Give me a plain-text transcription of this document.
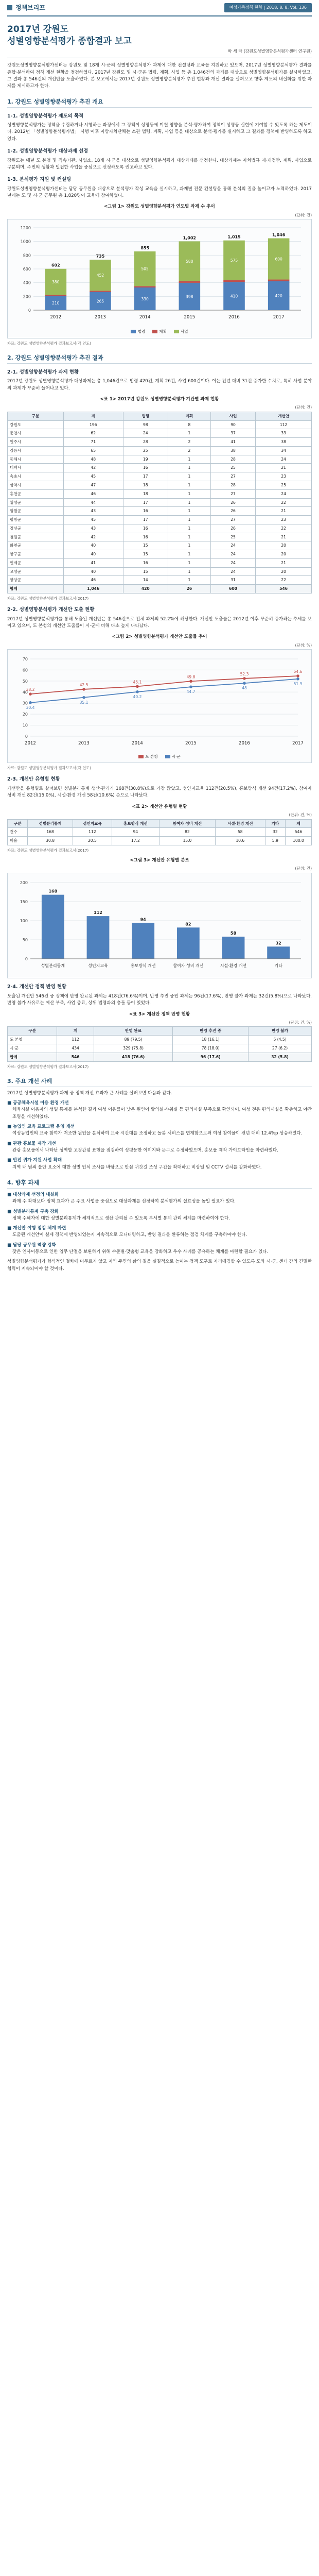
정책브리프	여성가족정책 현황 | 2018. 8. 8. Vol. 136
2017년 강원도
성별영향분석평가 종합결과 보고
박 세 라 (강원도성별영향분석평가센터 연구원)

강원도성별영향분석평가센터는 강원도 및 18개 시·군의 성별영향분석평가 과제에 대한 컨설팅과 교육을 지원하고 있으며, 2017년 성별영향분석평가 결과를 종합·분석하여 정책 개선 현황을 점검하였다. 2017년 강원도 및 시·군은 법령, 계획, 사업 등 총 1,046건의 과제를 대상으로 성별영향분석평가를 실시하였고, 그 결과 총 546건의 개선안을 도출하였다. 본 보고에서는 2017년 강원도 성별영향분석평가 추진 현황과 개선 결과를 살펴보고 향후 제도의 내실화를 위한 과제를 제시하고자 한다.

1. 강원도 성별영향분석평가 추진 개요
1-1. 성별영향분석평가 제도의 목적

성별영향분석평가는 정책을 수립하거나 시행하는 과정에서 그 정책이 성평등에 미칠 영향을 분석·평가하여 정책이 성평등 실현에 기여할 수 있도록 하는 제도이다. 2012년 「성별영향분석평가법」 시행 이후 지방자치단체는 소관 법령, 계획, 사업 등을 대상으로 분석·평가를 실시하고 그 결과를 정책에 반영하도록 하고 있다.

1-2. 성별영향분석평가 대상과제 선정

강원도는 매년 도 본청 및 직속기관, 사업소, 18개 시·군을 대상으로 성별영향분석평가 대상과제를 선정한다. 대상과제는 자치법규 제·개정안, 계획, 사업으로 구분되며, 주민의 생활과 밀접한 사업을 중심으로 선정하도록 권고하고 있다.

1-3. 분석평가 지원 및 컨설팅

강원도성별영향분석평가센터는 담당 공무원을 대상으로 분석평가 작성 교육을 실시하고, 과제별 전문 컨설팅을 통해 분석의 질을 높이고자 노력하였다. 2017년에는 도 및 시·군 공무원 총 1,820명이 교육에 참여하였다.

<그림 1> 강원도 성별영향분석평가 연도별 과제 수 추이
(단위: 건)
0
200
400
600
800
1000
1200
210
380
602
2012
265
452
735
2013
330
505
855
2014
398
580
1,002
2015
410
575
1,015
2016
420
600
1,046
2017
법령	계획	사업
자료: 강원도 성별영향분석평가 결과보고서(각 연도)
2. 강원도 성별영향분석평가 추진 결과
2-1. 성별영향분석평가 과제 현황

2017년 강원도 성별영향분석평가 대상과제는 총 1,046건으로 법령 420건, 계획 26건, 사업 600건이다. 이는 전년 대비 31건 증가한 수치로, 특히 사업 분야의 과제가 꾸준히 늘어나고 있다.

<표 1> 2017년 강원도 성별영향분석평가 기관별 과제 현황
(단위: 건)
구분	계	법령	계획	사업	개선안
강원도	196	98	8	90	112
춘천시	62	24	1	37	33
원주시	71	28	2	41	38
강릉시	65	25	2	38	34
동해시	48	19	1	28	24
태백시	42	16	1	25	21
속초시	45	17	1	27	23
삼척시	47	18	1	28	25
홍천군	46	18	1	27	24
횡성군	44	17	1	26	22
영월군	43	16	1	26	21
평창군	45	17	1	27	23
정선군	43	16	1	26	22
철원군	42	16	1	25	21
화천군	40	15	1	24	20
양구군	40	15	1	24	20
인제군	41	16	1	24	21
고성군	40	15	1	24	20
양양군	46	14	1	31	22
합계	1,046	420	26	600	546
자료: 강원도 성별영향분석평가 결과보고서(2017)
2-2. 성별영향분석평가 개선안 도출 현황

2017년 성별영향분석평가를 통해 도출된 개선안은 총 546건으로 전체 과제의 52.2%에 해당한다. 개선안 도출률은 2012년 이후 꾸준히 증가하는 추세를 보이고 있으며, 도 본청의 개선안 도출률이 시·군에 비해 다소 높게 나타났다.

<그림 2> 성별영향분석평가 개선안 도출률 추이
(단위: %)
0
10
20
30
40
50
60
70
2012	2013	2014	2015	2016	2017
38.2
42.5
45.1
49.8
52.3
54.6
30.4
35.1
40.2
44.7
48
51.9
도 본청	시·군
자료: 강원도 성별영향분석평가 결과보고서(각 연도)
2-3. 개선안 유형별 현황

개선안을 유형별로 살펴보면 성별분리통계 생산·관리가 168건(30.8%)으로 가장 많았고, 성인지교육 112건(20.5%), 홍보방식 개선 94건(17.2%), 참여자 성비 개선 82건(15.0%), 시설·환경 개선 58건(10.6%) 순으로 나타났다.

<표 2> 개선안 유형별 현황
(단위: 건, %)
구분	성별분리통계	성인지교육	홍보방식 개선	참여자 성비 개선	시설·환경 개선	기타	계
건수	168	112	94	82	58	32	546
비율	30.8	20.5	17.2	15.0	10.6	5.9	100.0
자료: 강원도 성별영향분석평가 결과보고서(2017)
<그림 3> 개선안 유형별 분포
(단위: 건)
0
50
100
150
200
168
성별분리통계
112
성인지교육
94
홍보방식 개선
82
참여자 성비 개선
58
시설·환경 개선
32
기타
2-4. 개선안 정책 반영 현황

도출된 개선안 546건 중 정책에 반영 완료된 과제는 418건(76.6%)이며, 반영 추진 중인 과제는 96건(17.6%), 반영 불가 과제는 32건(5.8%)으로 나타났다. 반영 불가 사유로는 예산 부족, 사업 종료, 상위 법령과의 충돌 등이 있었다.

<표 3> 개선안 정책 반영 현황
(단위: 건, %)
구분	계	반영 완료	반영 추진 중	반영 불가
도 본청	112	89 (79.5)	18 (16.1)	5 (4.5)
시·군	434	329 (75.8)	78 (18.0)	27 (6.2)
합계	546	418 (76.6)	96 (17.6)	32 (5.8)
자료: 강원도 성별영향분석평가 결과보고서(2017)
3. 주요 개선 사례

2017년 성별영향분석평가 과제 중 정책 개선 효과가 큰 사례를 살펴보면 다음과 같다.

■ 공공체육시설 이용 환경 개선

체육시설 이용자의 성별 통계를 분석한 결과 여성 이용률이 낮은 원인이 탈의실·샤워실 등 편의시설 부족으로 확인되어, 여성 전용 편의시설을 확충하고 야간 조명을 개선하였다.

■ 농업인 교육 프로그램 운영 개선

여성농업인의 교육 참여가 저조한 원인을 분석하여 교육 시간대를 조정하고 돌봄 서비스를 연계함으로써 여성 참여율이 전년 대비 12.4%p 상승하였다.

■ 관광 홍보물 제작 개선

관광 홍보물에서 나타난 성역할 고정관념 표현을 점검하여 성평등한 이미지와 문구로 수정하였으며, 홍보물 제작 가이드라인을 마련하였다.

■ 안전 귀가 지원 사업 확대

지역 내 범죄 불안 요소에 대한 성별 인식 조사를 바탕으로 안심 귀갓길 조성 구간을 확대하고 비상벨 및 CCTV 설치를 강화하였다.

4. 향후 과제
■ 대상과제 선정의 내실화

과제 수 확대보다 정책 효과가 큰 주요 사업을 중심으로 대상과제를 선정하여 분석평가의 실효성을 높일 필요가 있다.

■ 성별분리통계 구축 강화

정책 수혜자에 대한 성별분리통계가 체계적으로 생산·관리될 수 있도록 부서별 통계 관리 체계를 마련하여야 한다.

■ 개선안 이행 점검 체계 마련

도출된 개선안이 실제 정책에 반영되었는지 지속적으로 모니터링하고, 반영 결과를 환류하는 점검 체계를 구축하여야 한다.

■ 담당 공무원 역량 강화

잦은 인사이동으로 인한 업무 단절을 보완하기 위해 수준별·맞춤형 교육을 강화하고 우수 사례를 공유하는 체계를 마련할 필요가 있다.

성별영향분석평가가 형식적인 절차에 머무르지 않고 지역 주민의 삶의 질을 실질적으로 높이는 정책 도구로 자리매김할 수 있도록 도와 시·군, 센터 간의 긴밀한 협력이 지속되어야 할 것이다.
